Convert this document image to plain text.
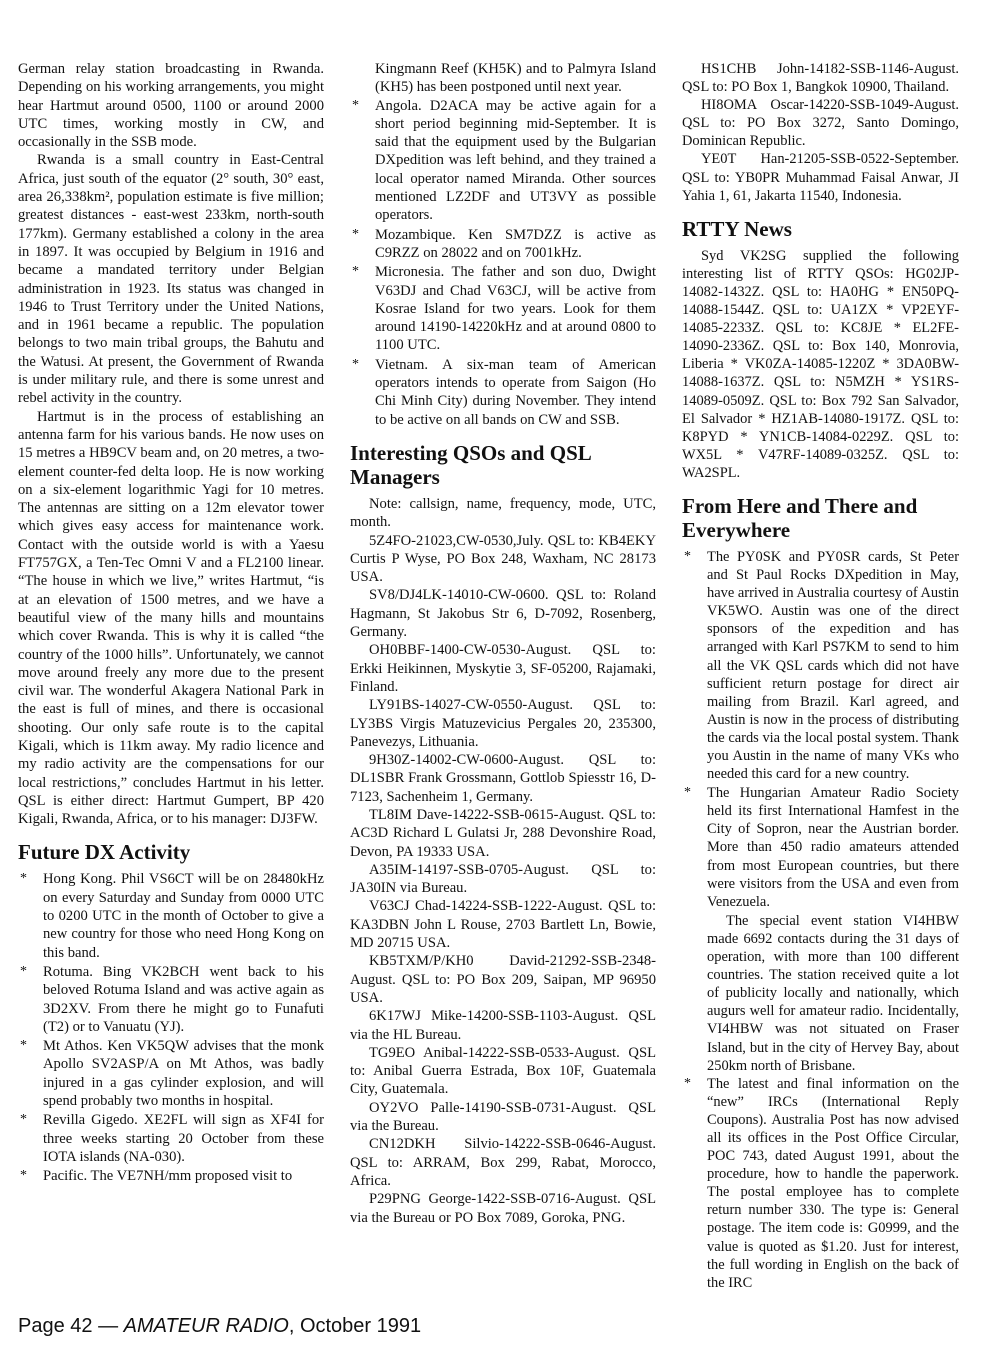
German relay station broadcasting in Rwanda. Depending on his working arrangements, you might hear Hartmut around 0500, 1100 or around 2000 UTC times, working mostly in CW, and occasionally in the SSB mode.

Rwanda is a small country in East-Central Africa, just south of the equator (2° south, 30° east, area 26,338km², population estimate is five million; greatest distances - east-west 233km, north-south 177km). Germany established a colony in the area in 1897. It was occupied by Belgium in 1916 and became a mandated territory under Belgian administration in 1923. Its status was changed in 1946 to Trust Territory under the United Nations, and in 1961 became a republic. The population belongs to two main tribal groups, the Bahutu and the Watusi. At present, the Government of Rwanda is under military rule, and there is some unrest and rebel activity in the country.

Hartmut is in the process of establishing an antenna farm for his various bands. He now uses on 15 metres a HB9CV beam and, on 20 metres, a two-element counter-fed delta loop. He is now working on a six-element logarithmic Yagi for 10 metres. The antennas are sitting on a 12m elevator tower which gives easy access for maintenance work. Contact with the outside world is with a Yaesu FT757GX, a Ten-Tec Omni V and a FL2100 linear. “The house in which we live,” writes Hartmut, “is at an elevation of 1500 metres, and we have a beautiful view of the many hills and mountains which cover Rwanda. This is why it is called “the country of the 1000 hills”. Unfortunately, we cannot move around freely any more due to the present civil war. The wonderful Akagera National Park in the east is full of mines, and there is occasional shooting. Our only safe route is to the capital Kigali, which is 11km away. My radio licence and my radio activity are the compensations for our local restrictions,” concludes Hartmut in his letter. QSL is either direct: Hartmut Gumpert, BP 420 Kigali, Rwanda, Africa, or to his manager: DJ3FW.

Future DX Activity
* Hong Kong. Phil VS6CT will be on 28480kHz on every Saturday and Sunday from 0000 UTC to 0200 UTC in the month of October to give a new country for those who need Hong Kong on this band.
* Rotuma. Bing VK2BCH went back to his beloved Rotuma Island and was active again as 3D2XV. From there he might go to Funafuti (T2) or to Vanuatu (YJ).
* Mt Athos. Ken VK5QW advises that the monk Apollo SV2ASP/A on Mt Athos, was badly injured in a gas cylinder explosion, and will spend probably two months in hospital.
* Revilla Gigedo. XE2FL will sign as XF4I for three weeks starting 20 October from these IOTA islands (NA-030).
* Pacific. The VE7NH/mm proposed visit to

Kingmann Reef (KH5K) and to Palmyra Island (KH5) has been postponed until next year.

* Angola. D2ACA may be active again for a short period beginning mid-September. It is said that the equipment used by the Bulgarian DXpedition was left behind, and they trained a local operator named Miranda. Other sources mentioned LZ2DF and UT3VY as possible operators.
* Mozambique. Ken SM7DZZ is active as C9RZZ on 28022 and on 7001kHz.
* Micronesia. The father and son duo, Dwight V63DJ and Chad V63CJ, will be active from Kosrae Island for two years. Look for them around 14190-14220kHz and at around 0800 to 1100 UTC.
* Vietnam. A six-man team of American operators intends to operate from Saigon (Ho Chi Minh City) during November. They intend to be active on all bands on CW and SSB.
Interesting QSOs and QSL Managers

Note: callsign, name, frequency, mode, UTC, month.

5Z4FO-21023,CW-0530,July. QSL to: KB4EKY Curtis P Wyse, PO Box 248, Waxham, NC 28173 USA.

SV8/DJ4LK-14010-CW-0600. QSL to: Roland Hagmann, St Jakobus Str 6, D-7092, Rosenberg, Germany.

OH0BBF-1400-CW-0530-August. QSL to: Erkki Heikinnen, Myskytie 3, SF-05200, Rajamaki, Finland.

LY91BS-14027-CW-0550-August. QSL to: LY3BS Virgis Matuzevicius Pergales 20, 235300, Panevezys, Lithuania.

9H30Z-14002-CW-0600-August. QSL to: DL1SBR Frank Grossmann, Gottlob Spiesstr 16, D-7123, Sachenheim 1, Germany.

TL8IM Dave-14222-SSB-0615-August. QSL to: AC3D Richard L Gulatsi Jr, 288 Devonshire Road, Devon, PA 19333 USA.

A35IM-14197-SSB-0705-August. QSL to: JA30IN via Bureau.

V63CJ Chad-14224-SSB-1222-August. QSL to: KA3DBN John L Rouse, 2703 Bartlett Ln, Bowie, MD 20715 USA.

KB5TXM/P/KH0 David-21292-SSB-2348-August. QSL to: PO Box 209, Saipan, MP 96950 USA.

6K17WJ Mike-14200-SSB-1103-August. QSL via the HL Bureau.

TG9EO Anibal-14222-SSB-0533-August. QSL to: Anibal Guerra Estrada, Box 10F, Guatemala City, Guatemala.

OY2VO Palle-14190-SSB-0731-August. QSL via the Bureau.

CN12DKH Silvio-14222-SSB-0646-August. QSL to: ARRAM, Box 299, Rabat, Morocco, Africa.

P29PNG George-1422-SSB-0716-August. QSL via the Bureau or PO Box 7089, Goroka, PNG.

HS1CHB John-14182-SSB-1146-August. QSL to: PO Box 1, Bangkok 10900, Thailand.

HI8OMA Oscar-14220-SSB-1049-August. QSL to: PO Box 3272, Santo Domingo, Dominican Republic.

YE0T Han-21205-SSB-0522-September. QSL to: YB0PR Muhammad Faisal Anwar, JI Yahia 1, 61, Jakarta 11540, Indonesia.

RTTY News

Syd VK2SG supplied the following interesting list of RTTY QSOs: HG02JP-14082-1432Z. QSL to: HA0HG * EN50PQ-14088-1544Z. QSL to: UA1ZX * VP2EYF-14085-2233Z. QSL to: KC8JE * EL2FE-14090-2336Z. QSL to: Box 140, Monrovia, Liberia * VK0ZA-14085-1220Z * 3DA0BW-14088-1637Z. QSL to: N5MZH * YS1RS-14089-0509Z. QSL to: Box 792 San Salvador, El Salvador * HZ1AB-14080-1917Z. QSL to: K8PYD * YN1CB-14084-0229Z. QSL to: WX5L * V47RF-14089-0325Z. QSL to: WA2SPL.

From Here and There and Everywhere
* The PY0SK and PY0SR cards, St Peter and St Paul Rocks DXpedition in May, have arrived in Australia courtesy of Austin VK5WO. Austin was one of the direct sponsors of the expedition and has arranged with Karl PS7KM to send to him all the VK QSL cards which did not have sufficient return postage for direct air mailing from Brazil. Karl agreed, and Austin is now in the process of distributing the cards via the local postal system. Thank you Austin in the name of many VKs who needed this card for a new country.
* The Hungarian Amateur Radio Society held its first International Hamfest in the City of Sopron, near the Austrian border. More than 450 radio amateurs attended from most European countries, but there were visitors from the USA and even from Venezuela.

The special event station VI4HBW made 6692 contacts during the 31 days of operation, with more than 100 different countries. The station received quite a lot of publicity locally and nationally, which augurs well for amateur radio. Incidentally, VI4HBW was not situated on Fraser Island, but in the city of Hervey Bay, about 250km north of Brisbane.

* The latest and final information on the “new” IRCs (International Reply Coupons). Australia Post has now advised all its offices in the Post Office Circular, POC 743, dated August 1991, about the procedure, how to handle the paperwork. The postal employee has to complete return number 330. The type is: General postage. The item code is: G0999, and the value is quoted as $1.20. Just for interest, the full wording in English on the back of the IRC
Page 42 — AMATEUR RADIO, October 1991
